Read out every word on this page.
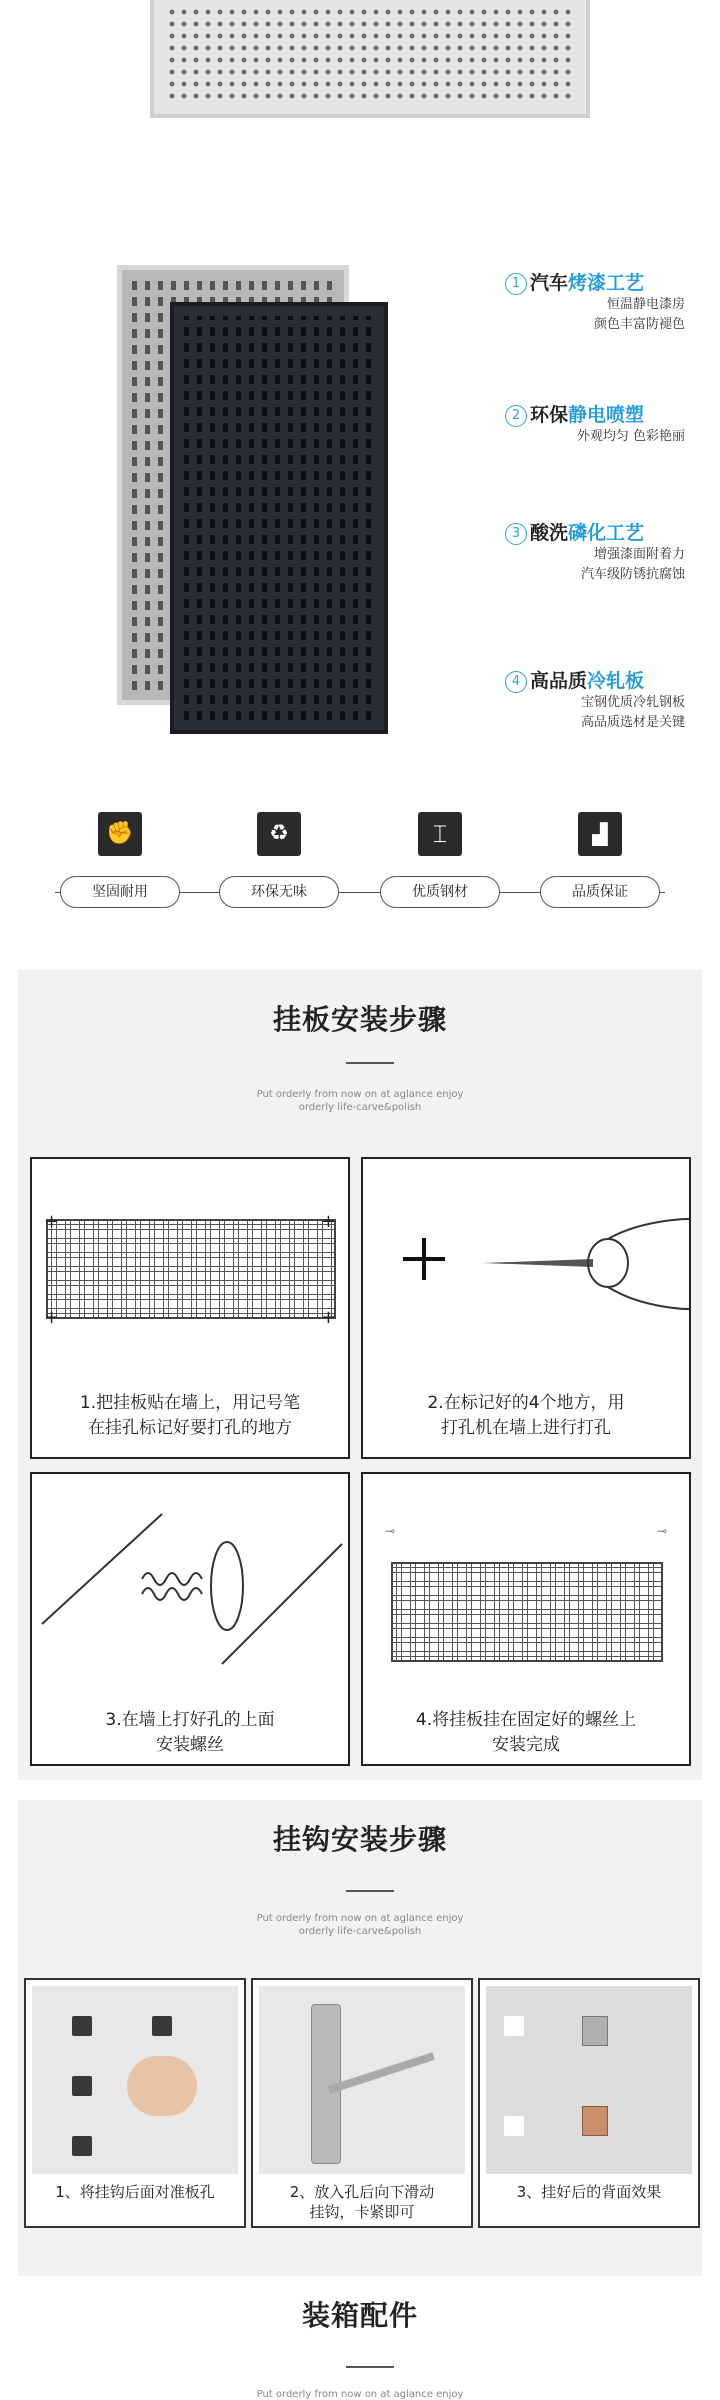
1 汽车烤漆工艺
恒温静电漆房
颜色丰富防褪色
2 环保静电喷塑
外观均匀 色彩艳丽
3 酸洗磷化工艺
增强漆面附着力
汽车级防锈抗腐蚀
4 高品质冷轧板
宝钢优质冷轧钢板
高品质选材是关键
✊
坚固耐用
♻
环保无味
⌶
优质钢材
▟
品质保证
挂板安装步骤
Put orderly from now on at aglance enjoy
orderly life-carve&polish
+	+
+	+
1.把挂板贴在墙上，用记号笔
在挂孔标记好要打孔的地方
2.在标记好的4个地方，用
打孔机在墙上进行打孔
3.在墙上打好孔的上面
安装螺丝
⊸	⊸
4.将挂板挂在固定好的螺丝上
安装完成
挂钩安装步骤
Put orderly from now on at aglance enjoy
orderly life-carve&polish
1、将挂钩后面对准板孔	2、放入孔后向下滑动
挂钩，卡紧即可
3、挂好后的背面效果
装箱配件
Put orderly from now on at aglance enjoy
